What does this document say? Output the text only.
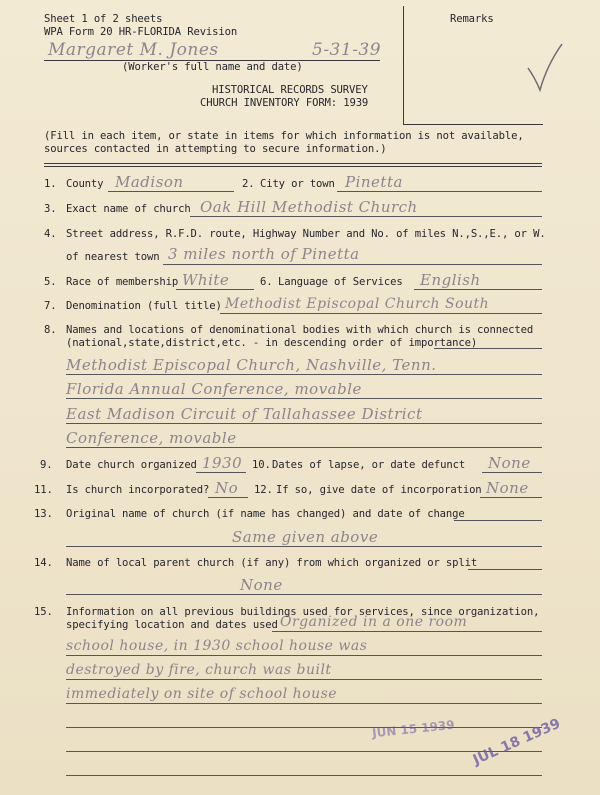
Sheet 1 of 2 sheets
WPA Form 20 HR-FLORIDA Revision
Remarks
Margaret M. Jones	5-31-39
(Worker's full name and date)
HISTORICAL RECORDS SURVEY
CHURCH INVENTORY FORM: 1939
(Fill in each item, or state in items for which information is not available,
sources contacted in attempting to secure information.)
1. County Madison	2. City or town Pinetta
3. Exact name of church Oak Hill Methodist Church
4. Street address, R.F.D. route, Highway Number and No. of miles N.,S.,E., or W.
of nearest town 3 miles north of Pinetta
5. Race of membership White	6. Language of Services English
7. Denomination (full title) Methodist Episcopal Church South
8. Names and locations of denominational bodies with which church is connected
(national,state,district,etc. - in descending order of importance)
Methodist Episcopal Church, Nashville, Tenn.
Florida Annual Conference, movable
East Madison Circuit of Tallahassee District
Conference, movable
9. Date church organized 1930 10. Dates of lapse, or date defunct None
11. Is church incorporated? No 12. If so, give date of incorporation None
13. Original name of church (if name has changed) and date of change
Same given above
14. Name of local parent church (if any) from which organized or split
None
15. Information on all previous buildings used for services, since organization,
specifying location and dates used Organized in a one room
school house, in 1930 school house was
destroyed by fire, church was built
immediately on site of school house
JUN 15 1939 JUL 18 1939
